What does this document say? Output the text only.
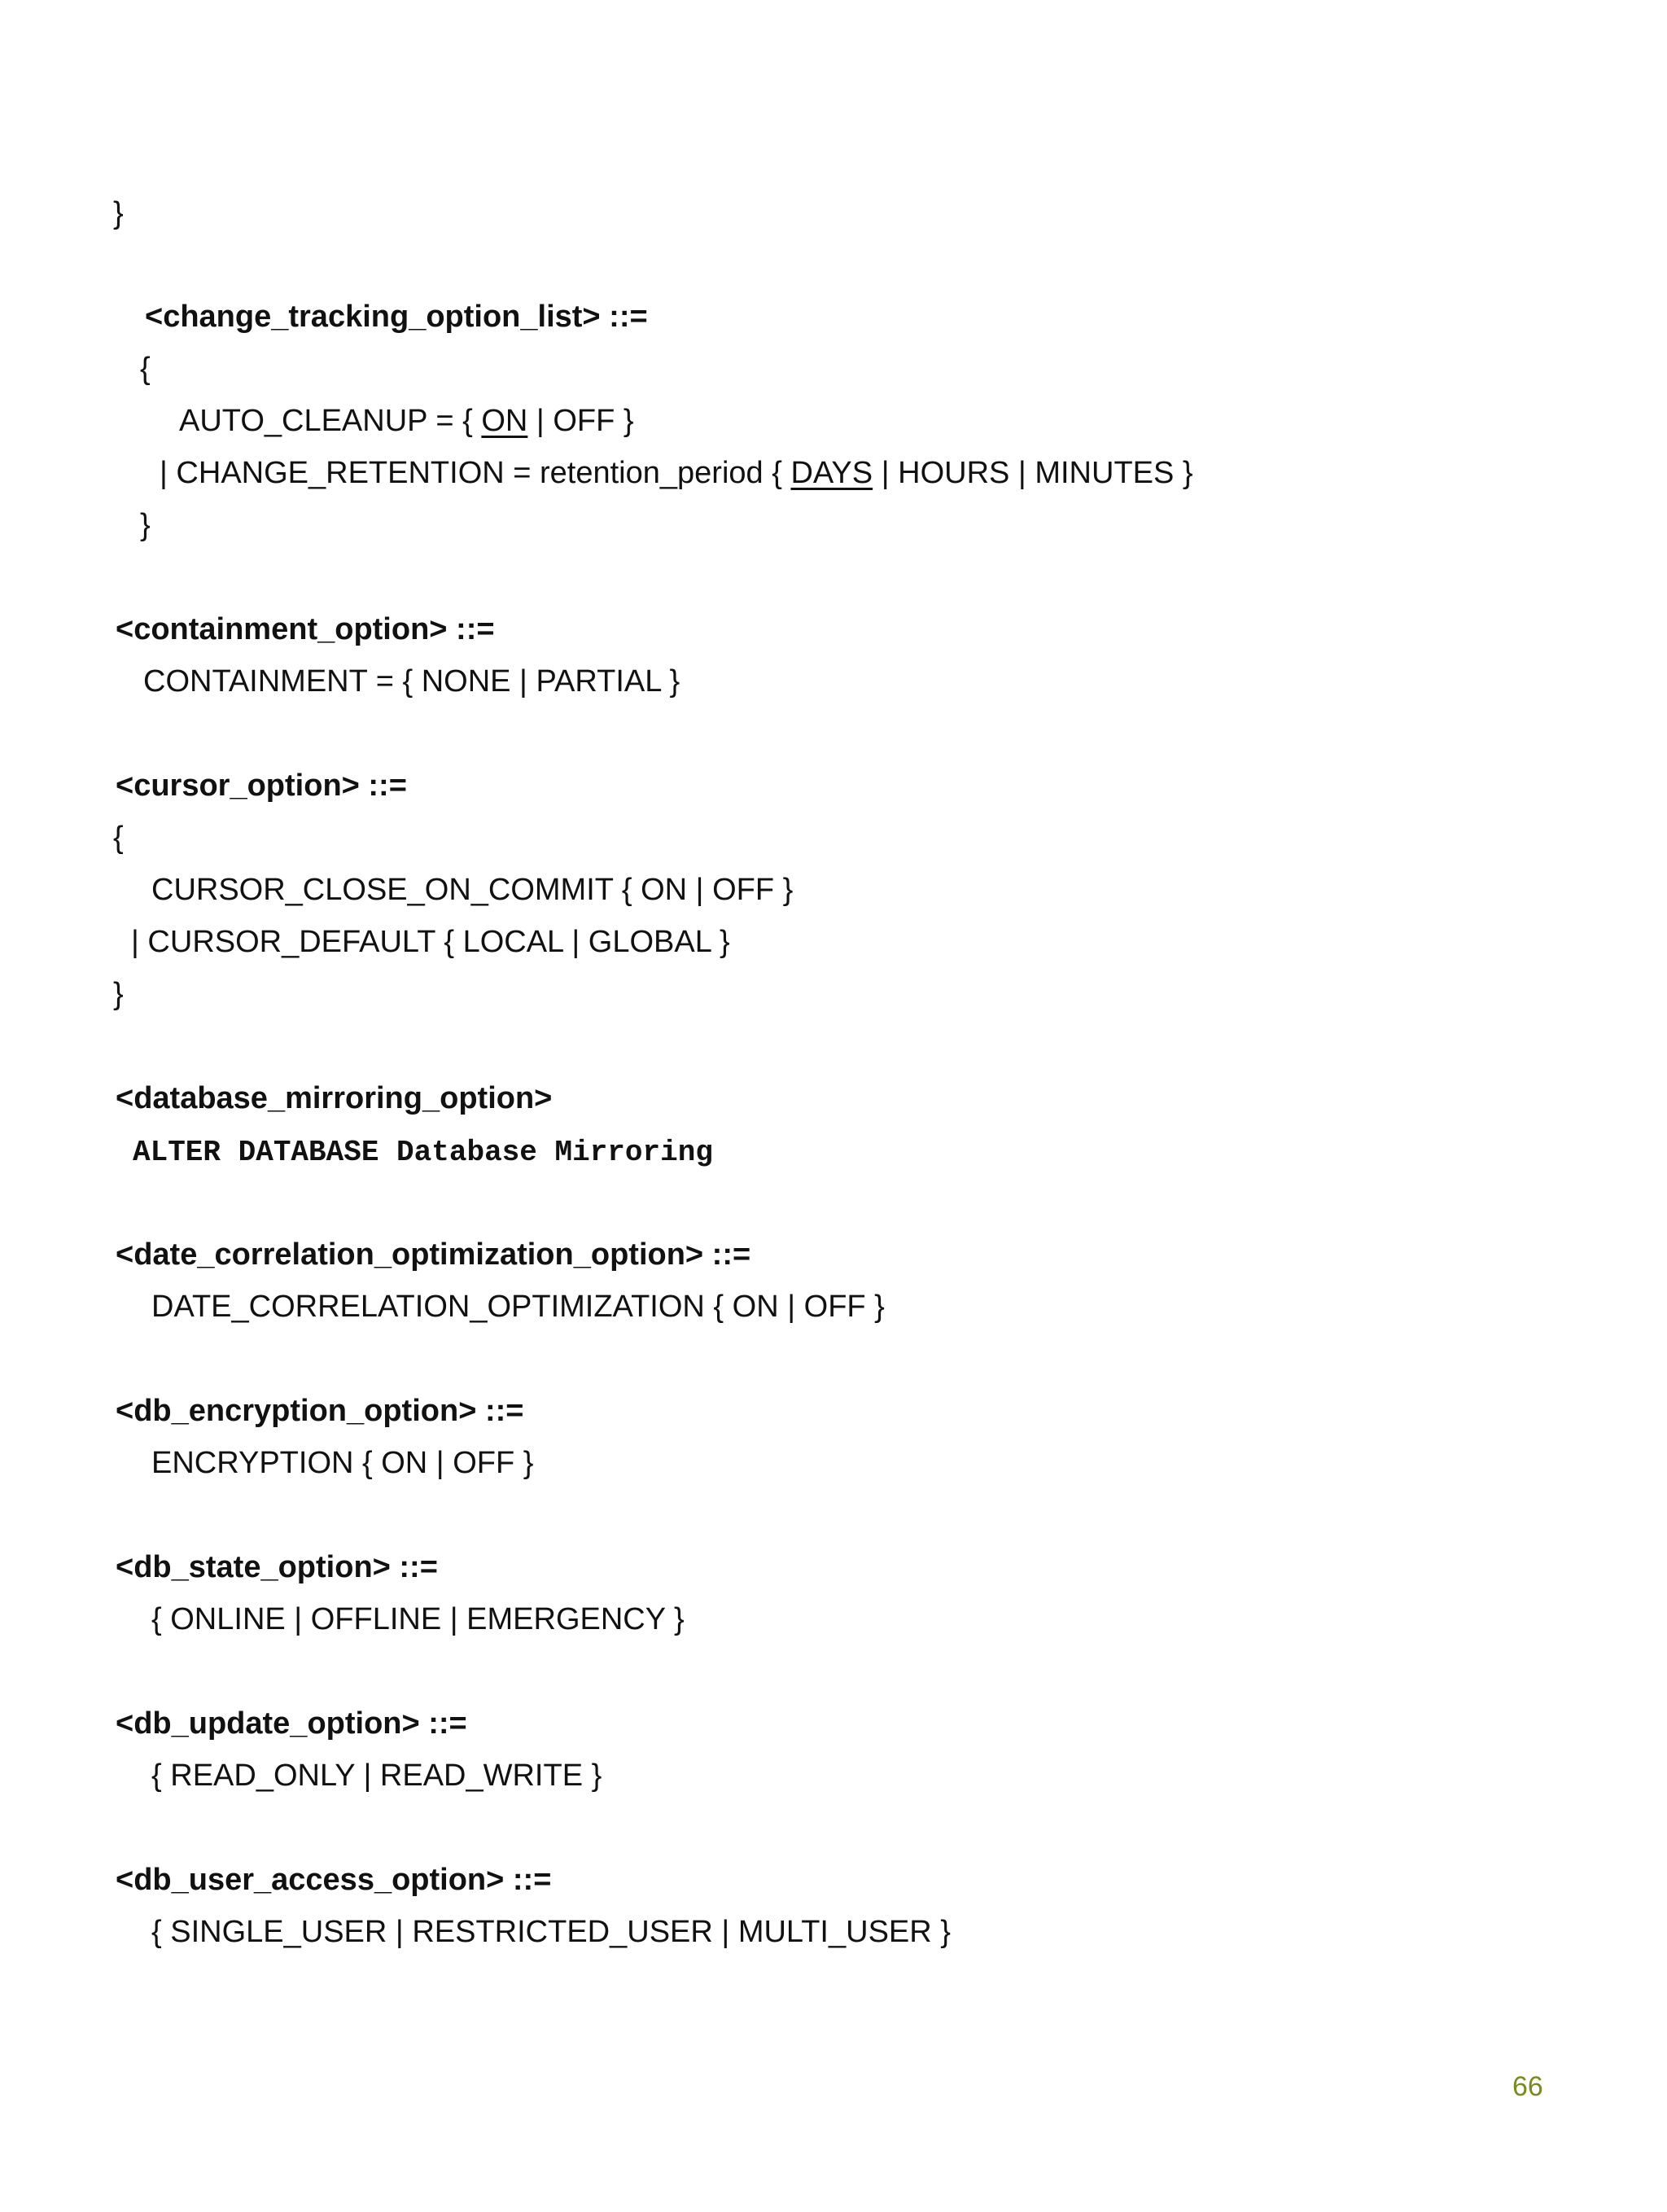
}
<change_tracking_option_list> ::=
{
AUTO_CLEANUP = { ON | OFF }
| CHANGE_RETENTION = retention_period { DAYS | HOURS | MINUTES }
}
<containment_option> ::=
CONTAINMENT = { NONE | PARTIAL }
<cursor_option> ::=
{
CURSOR_CLOSE_ON_COMMIT { ON | OFF }
| CURSOR_DEFAULT { LOCAL | GLOBAL }
}
<database_mirroring_option>
ALTER DATABASE Database Mirroring
<date_correlation_optimization_option> ::=
DATE_CORRELATION_OPTIMIZATION { ON | OFF }
<db_encryption_option> ::=
ENCRYPTION { ON | OFF }
<db_state_option> ::=
{ ONLINE | OFFLINE | EMERGENCY }
<db_update_option> ::=
{ READ_ONLY | READ_WRITE }
<db_user_access_option> ::=
{ SINGLE_USER | RESTRICTED_USER | MULTI_USER }
66
